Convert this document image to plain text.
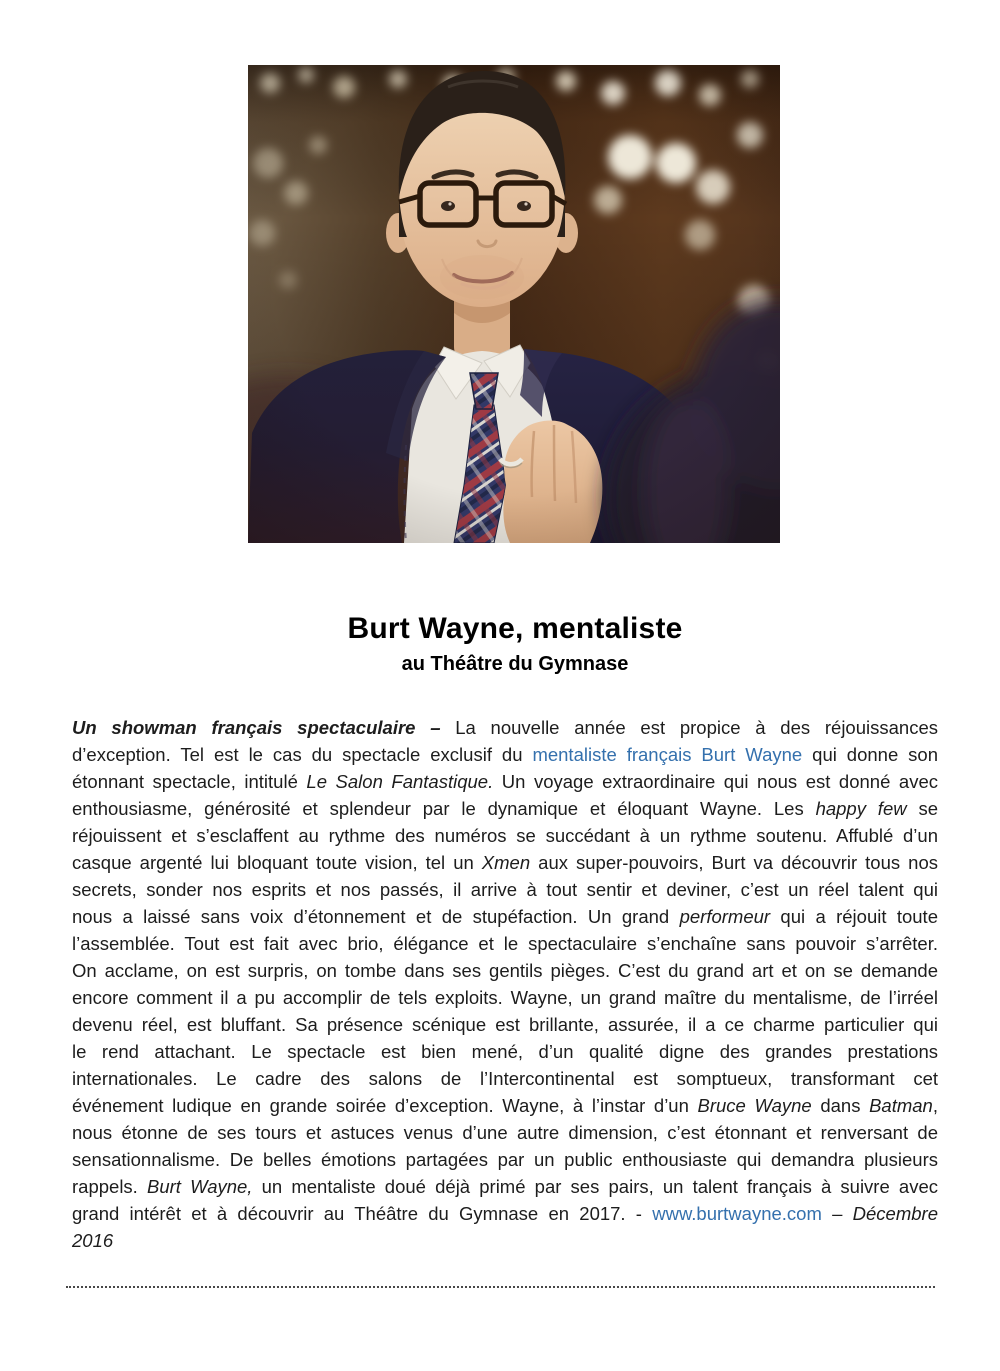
Burt Wayne, mentaliste
au Théâtre du Gymnase
Un showman français spectaculaire – La nouvelle année est propice à des réjouissances
d’exception. Tel est le cas du spectacle exclusif du mentaliste français Burt Wayne qui donne son
étonnant spectacle, intitulé Le Salon Fantastique. Un voyage extraordinaire qui nous est donné avec
enthousiasme, générosité et splendeur par le dynamique et éloquant Wayne. Les happy few se
réjouissent et s’esclaffent au rythme des numéros se succédant à un rythme soutenu. Affublé d’un
casque argenté lui bloquant toute vision, tel un Xmen aux super-pouvoirs, Burt va découvrir tous nos
secrets, sonder nos esprits et nos passés, il arrive à tout sentir et deviner, c’est un réel talent qui
nous a laissé sans voix d’étonnement et de stupéfaction. Un grand performeur qui a réjouit toute
l’assemblée. Tout est fait avec brio, élégance et le spectaculaire s’enchaîne sans pouvoir s’arrêter.
On acclame, on est surpris, on tombe dans ses gentils pièges. C’est du grand art et on se demande
encore comment il a pu accomplir de tels exploits. Wayne, un grand maître du mentalisme, de l’irréel
devenu réel, est bluffant. Sa présence scénique est brillante, assurée, il a ce charme particulier qui
le rend attachant. Le spectacle est bien mené, d’un qualité digne des grandes prestations
internationales. Le cadre des salons de l’Intercontinental est somptueux, transformant cet
événement ludique en grande soirée d’exception. Wayne, à l’instar d’un Bruce Wayne dans Batman,
nous étonne de ses tours et astuces venus d’une autre dimension, c’est étonnant et renversant de
sensationnalisme. De belles émotions partagées par un public enthousiaste qui demandra plusieurs
rappels. Burt Wayne, un mentaliste doué déjà primé par ses pairs, un talent français à suivre avec
grand intérêt et à découvrir au Théâtre du Gymnase en 2017. - www.burtwayne.com – Décembre
2016
